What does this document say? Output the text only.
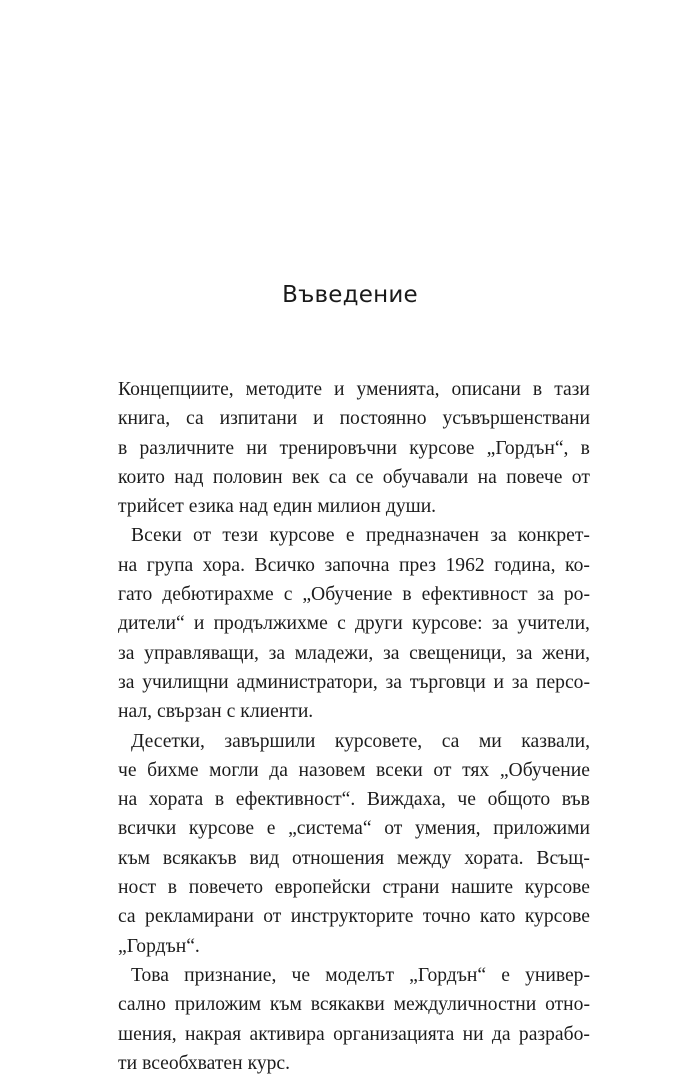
Въведение
Концепциите, методите и уменията, описани в тази
книга, са изпитани и постоянно усъвършенствани
в различните ни тренировъчни курсове „Гордън“, в
които над половин век са се обучавали на повече от
трийсет езика над един милион души.
Всеки от тези курсове е предназначен за конкрет-
на група хора. Всичко започна през 1962 година, ко-
гато дебютирахме с „Обучение в ефективност за ро-
дители“ и продължихме с други курсове: за учители,
за управляващи, за младежи, за свещеници, за жени,
за училищни администратори, за търговци и за персо-
нал, свързан с клиенти.
Десетки, завършили курсовете, са ми казвали,
че бихме могли да назовем всеки от тях „Обучение
на хората в ефективност“. Виждаха, че общото във
всички курсове е „система“ от умения, приложими
към всякакъв вид отношения между хората. Всъщ-
ност в повечето европейски страни нашите курсове
са рекламирани от инструкторите точно като курсове
„Гордън“.
Това признание, че моделът „Гордън“ е универ-
сално приложим към всякакви междуличностни отно-
шения, накрая активира организацията ни да разрабо-
ти всеобхватен курс.
